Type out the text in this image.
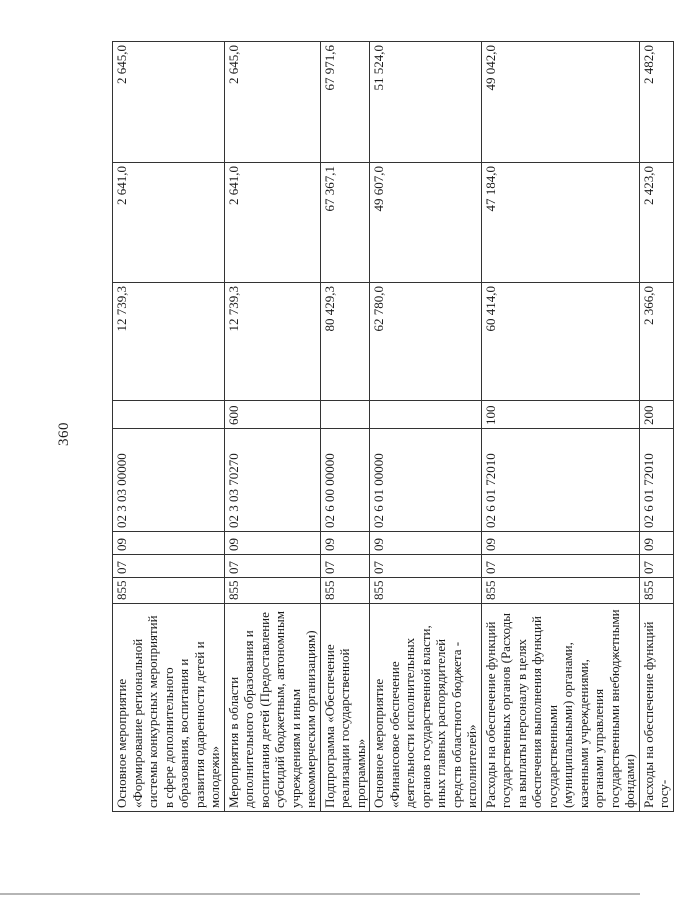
360
Основное мероприятие «Формирование региональной системы конкурсных мероприятий в сфере дополнительного образования, воспитания и развития одаренности детей и молодежи»	855	07	09	02 3 03 00000		12 739,3	2 641,0	2 645,0
Мероприятия в области дополнительного образования и воспитания детей (Предоставление субсидий бюджетным, автономным учреждениям и иным некоммерческим организациям)	855	07	09	02 3 03 70270	600	12 739,3	2 641,0	2 645,0
Подпрограмма «Обеспечение реализации государственной программы»	855	07	09	02 6 00 00000		80 429,3	67 367,1	67 971,6
Основное мероприятие «Финансовое обеспечение деятельности исполнительных органов государственной власти, иных главных распорядителей средств областного бюджета - исполнителей»	855	07	09	02 6 01 00000		62 780,0	49 607,0	51 524,0
Расходы на обеспечение функций государственных органов (Расходы на выплаты персоналу в целях обеспечения выполнения функций государственными (муниципальными) органами, казенными учреждениями, органами управления государственными внебюджетными фондами)	855	07	09	02 6 01 72010	100	60 414,0	47 184,0	49 042,0
Расходы на обеспечение функций госу-	855	07	09	02 6 01 72010	200	2 366,0	2 423,0	2 482,0
